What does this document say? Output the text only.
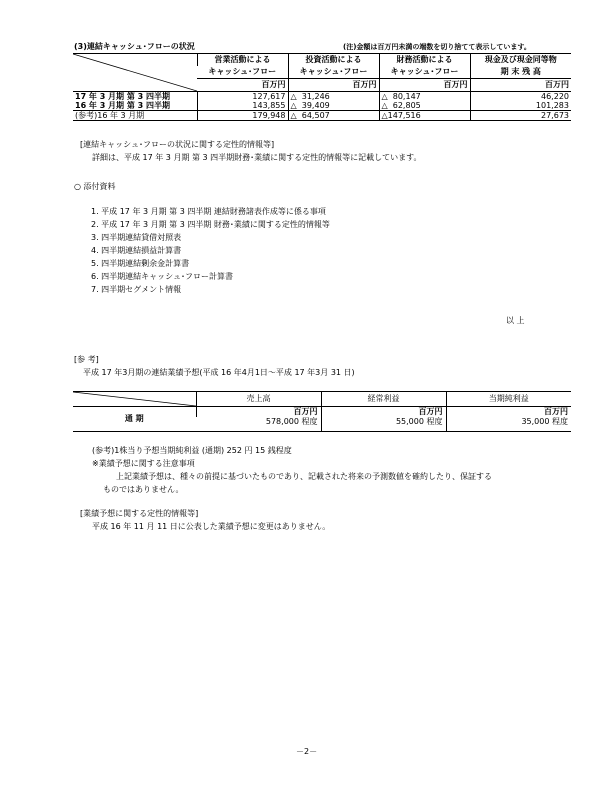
(3)連結キャッシュ･フローの状況	(注)金額は百万円未満の端数を切り捨てて表示しています。
	営業活動による	投資活動による	財務活動による	現金及び現金同等物
	キャッシュ･フロー	キャッシュ･フロー	キャッシュ･フロー	期 末 残 高
	百万円	百万円	百万円	百万円
17 年 3 月期 第 3 四半期	127,617	△ 31,246	△ 80,147	46,220
16 年 3 月期 第 3 四半期	143,855	△ 39,409	△ 62,805	101,283
(参考)16 年 3 月期	179,948	△ 64,507	△147,516	27,673
[連結キャッシュ･フローの状況に関する定性的情報等]
詳細は、平成 17 年 3 月期 第 3 四半期財務･業績に関する定性的情報等に記載しています。
○ 添付資料
1. 平成 17 年 3 月期 第 3 四半期 連結財務諸表作成等に係る事項
2. 平成 17 年 3 月期 第 3 四半期 財務･業績に関する定性的情報等
3. 四半期連結貸借対照表
4. 四半期連結損益計算書
5. 四半期連結剰余金計算書
6. 四半期連結キャッシュ･フロー計算書
7. 四半期セグメント情報
以 上
[参 考]
平成 17 年3月期の連結業績予想(平成 16 年4月1日～平成 17 年3月 31 日)
	売上高	経常利益	当期純利益
通 期	百万円	百万円	百万円
	578,000 程度	55,000 程度	35,000 程度
(参考)1株当り予想当期純利益 (通期) 252 円 15 銭程度
※業績予想に関する注意事項
上記業績予想は、種々の前提に基づいたものであり、記載された将来の予測数値を確約したり、保証する
ものではありません。
[業績予想に関する定性的情報等]
平成 16 年 11 月 11 日に公表した業績予想に変更はありません。
－2－
